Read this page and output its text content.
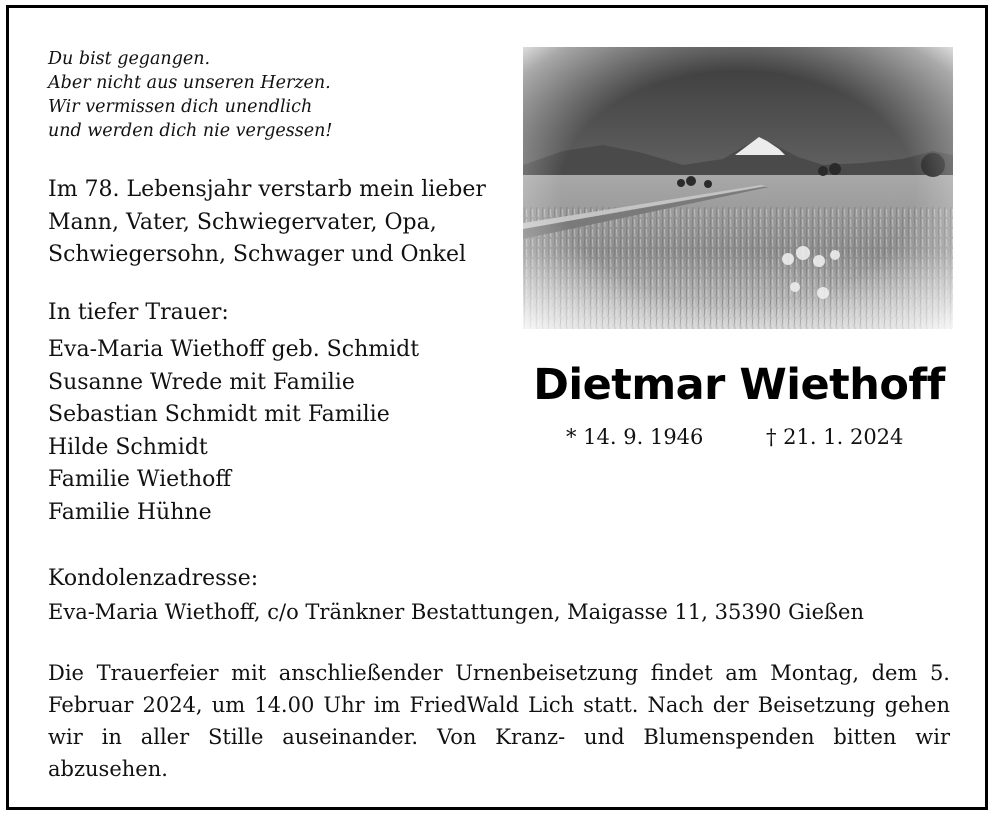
Du bist gegangen.
Aber nicht aus unseren Herzen.
Wir vermissen dich unendlich
und werden dich nie vergessen!
Im 78. Lebensjahr verstarb mein lieber
Mann, Vater, Schwiegervater, Opa,
Schwiegersohn, Schwager und Onkel
In tiefer Trauer:
Eva-Maria Wiethoff geb. Schmidt
Susanne Wrede mit Familie
Sebastian Schmidt mit Familie
Hilde Schmidt
Familie Wiethoff
Familie Hühne
Dietmar Wiethoff
* 14. 9. 1946	† 21. 1. 2024
Kondolenzadresse:
Eva-Maria Wiethoff, c/o Tränkner Bestattungen, Maigasse 11, 35390 Gießen
Die Trauerfeier mit anschließender Urnenbeisetzung findet am Montag, dem 5. Februar 2024, um 14.00 Uhr im FriedWald Lich statt. Nach der Beisetzung gehen wir in aller Stille auseinander. Von Kranz- und Blumenspenden bitten wir abzusehen.
